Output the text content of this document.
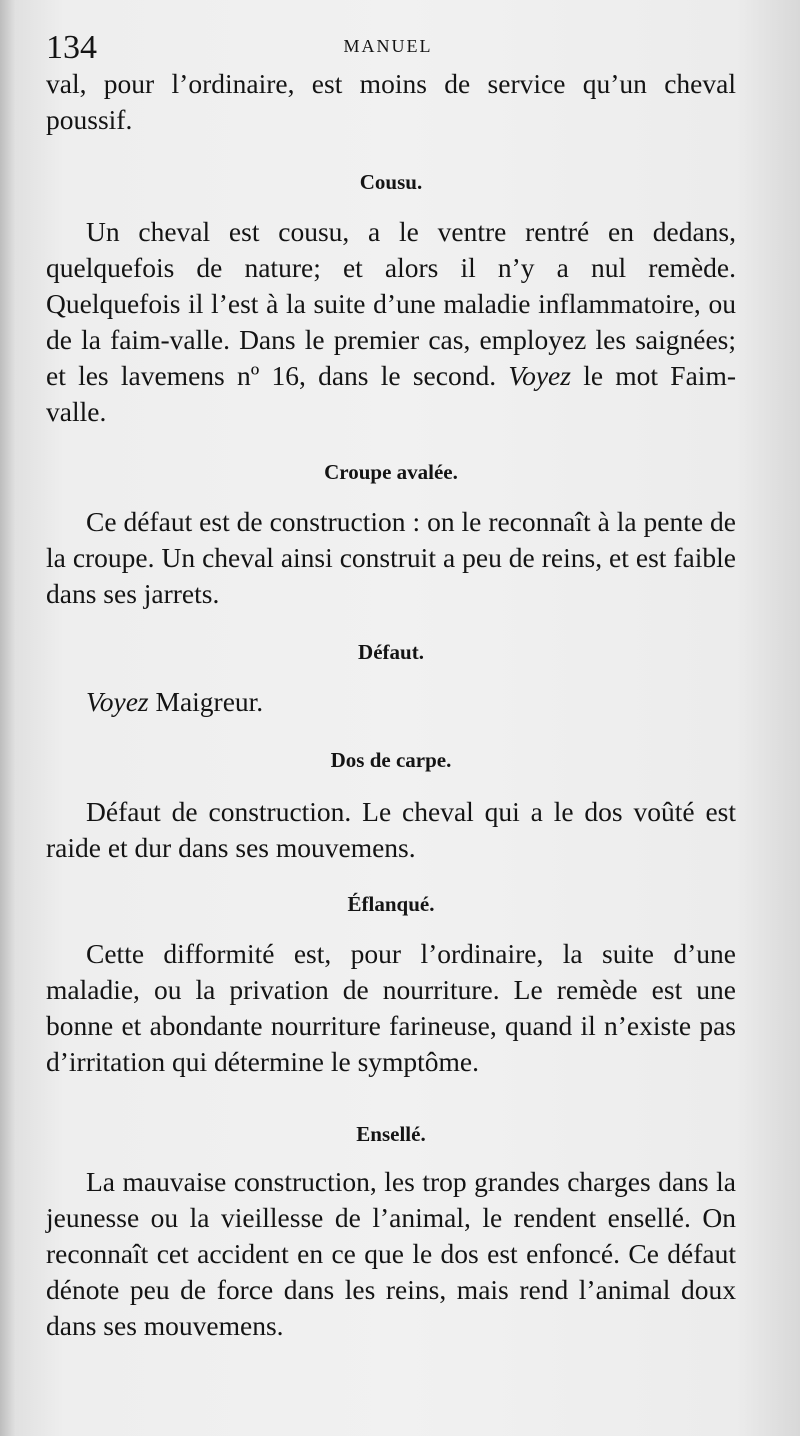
134	MANUEL

val, pour l’ordinaire, est moins de service qu’un cheval poussif.

Cousu.

Un cheval est cousu, a le ventre rentré en dedans, quelquefois de nature; et alors il n’y a nul remède. Quelquefois il l’est à la suite d’une maladie inflammatoire, ou de la faim-valle. Dans le premier cas, employez les saignées; et les lavemens nº 16, dans le second. Voyez le mot Faim-valle.

Croupe avalée.

Ce défaut est de construction : on le reconnaît à la pente de la croupe. Un cheval ainsi construit a peu de reins, et est faible dans ses jarrets.

Défaut.

Voyez Maigreur.

Dos de carpe.

Défaut de construction. Le cheval qui a le dos voûté est raide et dur dans ses mouvemens.

Éflanqué.

Cette difformité est, pour l’ordinaire, la suite d’une maladie, ou la privation de nourriture. Le remède est une bonne et abondante nourriture farineuse, quand il n’existe pas d’irritation qui détermine le symptôme.

Ensellé.

La mauvaise construction, les trop grandes charges dans la jeunesse ou la vieillesse de l’animal, le rendent ensellé. On reconnaît cet accident en ce que le dos est enfoncé. Ce défaut dénote peu de force dans les reins, mais rend l’animal doux dans ses mouvemens.
